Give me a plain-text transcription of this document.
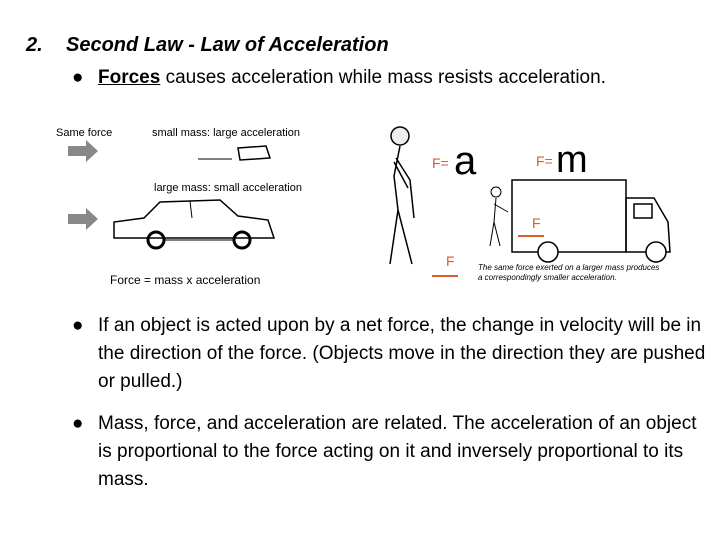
2. Second Law - Law of Acceleration
● Forces causes acceleration while mass resists acceleration.
Same force	small mass: large acceleration
large mass: small acceleration
Force = mass x acceleration
F= a	F= m
F
F	The same force exerted on a larger mass produces
a correspondingly smaller acceleration.
● If an object is acted upon by a net force, the change in velocity will be in the direction of the force. (Objects move in the direction they are pushed or pulled.)
● Mass, force, and acceleration are related. The acceleration of an object is proportional to the force acting on it and inversely proportional to its mass.
